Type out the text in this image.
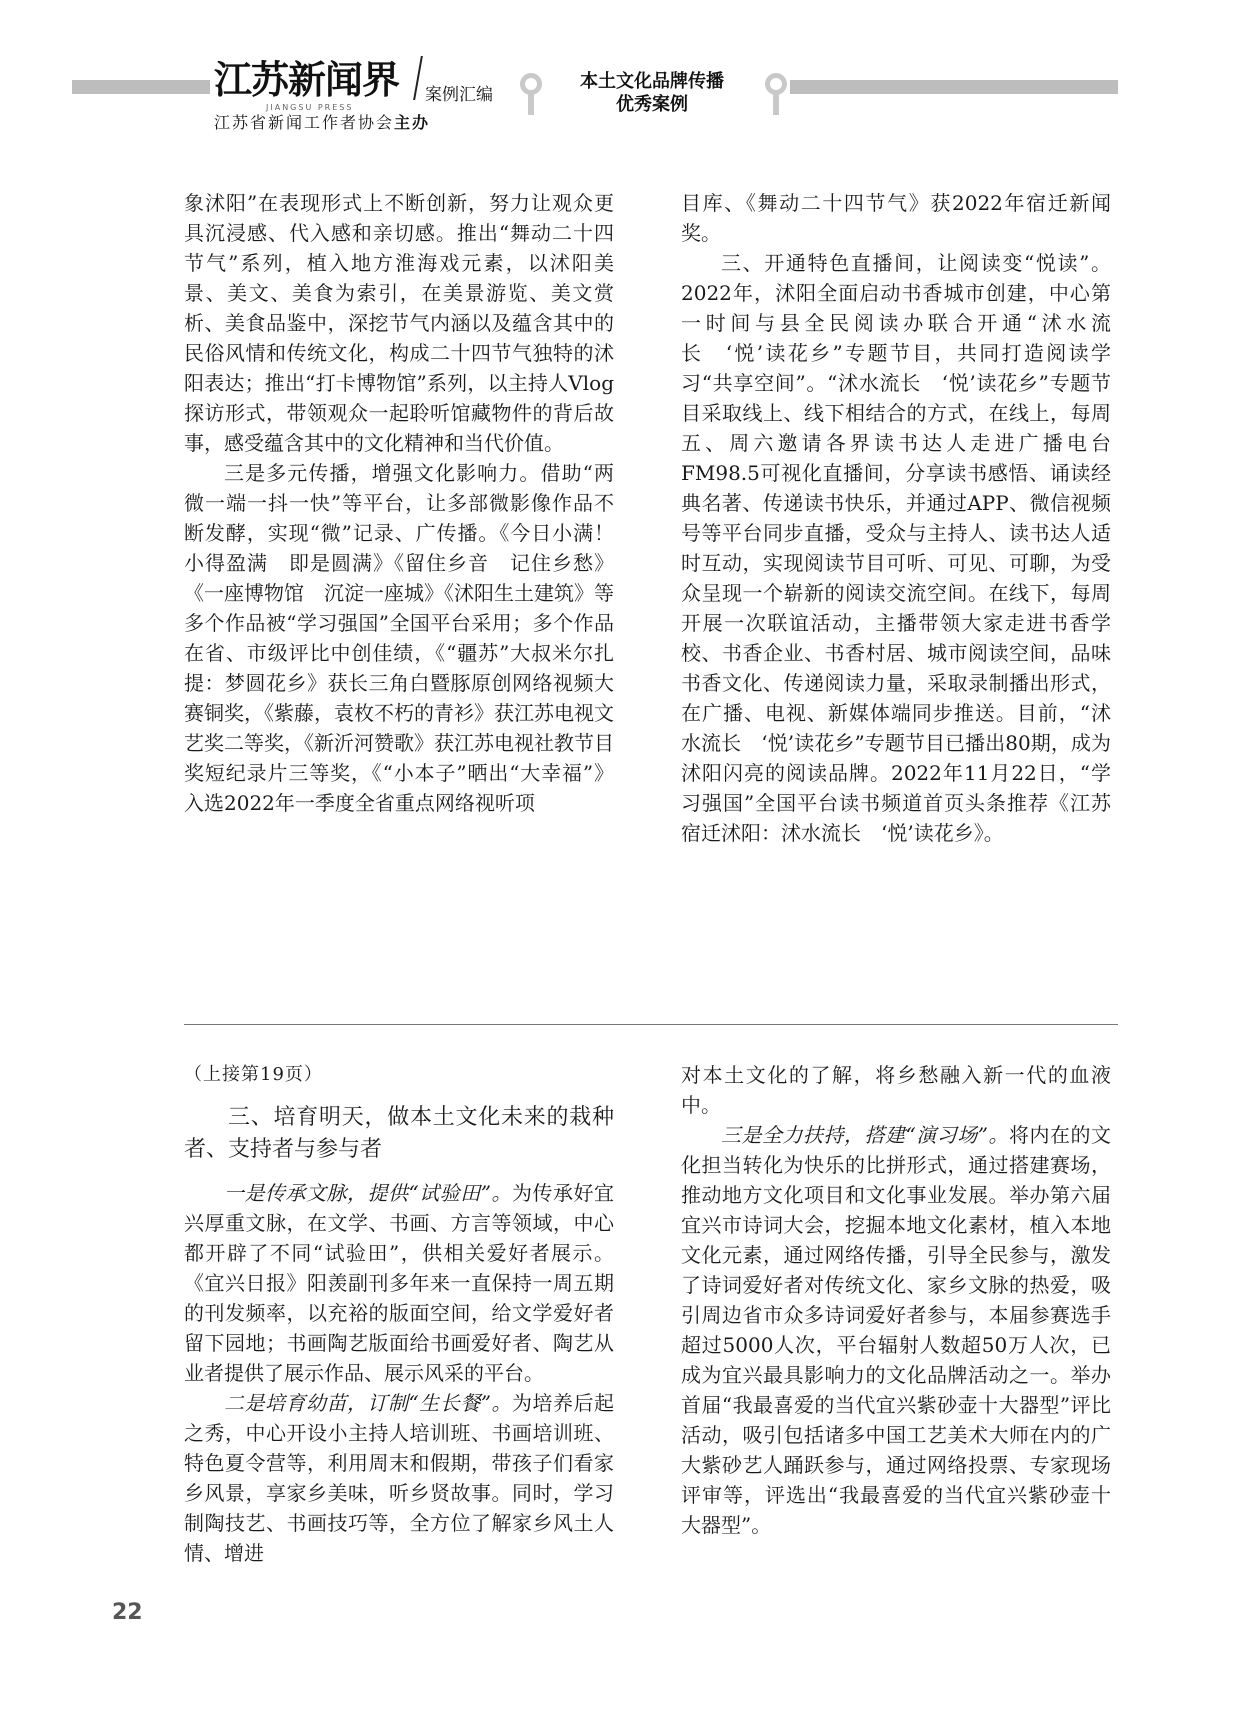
江苏新闻界
JIANGSU PRESS
江苏省新闻工作者协会主办
案例汇编
本土文化品牌传播
优秀案例

象沭阳”在表现形式上不断创新，努力让观众更具沉浸感、代入感和亲切感。推出“舞动二十四节气”系列，植入地方淮海戏元素，以沭阳美景、美文、美食为索引，在美景游览、美文赏析、美食品鉴中，深挖节气内涵以及蕴含其中的民俗风情和传统文化，构成二十四节气独特的沭阳表达；推出“打卡博物馆”系列，以主持人Vlog探访形式，带领观众一起聆听馆藏物件的背后故事，感受蕴含其中的文化精神和当代价值。

三是多元传播，增强文化影响力。借助“两微一端一抖一快”等平台，让多部微影像作品不断发酵，实现“微”记录、广传播。《今日小满！小得盈满　即是圆满》《留住乡音　记住乡愁》《一座博物馆　沉淀一座城》《沭阳生土建筑》等多个作品被“学习强国”全国平台采用；多个作品在省、市级评比中创佳绩，《“疆苏”大叔米尔扎提：梦圆花乡》获长三角白暨豚原创网络视频大赛铜奖，《紫藤，袁枚不朽的青衫》获江苏电视文艺奖二等奖，《新沂河赞歌》获江苏电视社教节目奖短纪录片三等奖，《“小本子”晒出“大幸福”》入选2022年一季度全省重点网络视听项

目库、《舞动二十四节气》获2022年宿迁新闻奖。

三、开通特色直播间，让阅读变“悦读”。2022年，沭阳全面启动书香城市创建，中心第一时间与县全民阅读办联合开通“沭水流长　‘悦’读花乡”专题节目，共同打造阅读学习“共享空间”。“沭水流长　‘悦’读花乡”专题节目采取线上、线下相结合的方式，在线上，每周五、周六邀请各界读书达人走进广播电台FM98.5可视化直播间，分享读书感悟、诵读经典名著、传递读书快乐，并通过APP、微信视频号等平台同步直播，受众与主持人、读书达人适时互动，实现阅读节目可听、可见、可聊，为受众呈现一个崭新的阅读交流空间。在线下，每周开展一次联谊活动，主播带领大家走进书香学校、书香企业、书香村居、城市阅读空间，品味书香文化、传递阅读力量，采取录制播出形式，在广播、电视、新媒体端同步推送。目前，“沭水流长　‘悦’读花乡”专题节目已播出80期，成为沭阳闪亮的阅读品牌。2022年11月22日，“学习强国”全国平台读书频道首页头条推荐《江苏宿迁沭阳：沭水流长　‘悦’读花乡》。

（上接第19页）

三、培育明天，做本土文化未来的栽种者、支持者与参与者

一是传承文脉，提供“试验田”。为传承好宜兴厚重文脉，在文学、书画、方言等领域，中心都开辟了不同“试验田”，供相关爱好者展示。《宜兴日报》阳羡副刊多年来一直保持一周五期的刊发频率，以充裕的版面空间，给文学爱好者留下园地；书画陶艺版面给书画爱好者、陶艺从业者提供了展示作品、展示风采的平台。

二是培育幼苗，订制“生长餐”。为培养后起之秀，中心开设小主持人培训班、书画培训班、特色夏令营等，利用周末和假期，带孩子们看家乡风景，享家乡美味，听乡贤故事。同时，学习制陶技艺、书画技巧等，全方位了解家乡风土人情、增进

对本土文化的了解，将乡愁融入新一代的血液中。

三是全力扶持，搭建“演习场”。将内在的文化担当转化为快乐的比拼形式，通过搭建赛场，推动地方文化项目和文化事业发展。举办第六届宜兴市诗词大会，挖掘本地文化素材，植入本地文化元素，通过网络传播，引导全民参与，激发了诗词爱好者对传统文化、家乡文脉的热爱，吸引周边省市众多诗词爱好者参与，本届参赛选手超过5000人次，平台辐射人数超50万人次，已成为宜兴最具影响力的文化品牌活动之一。举办首届“我最喜爱的当代宜兴紫砂壶十大器型”评比活动，吸引包括诸多中国工艺美术大师在内的广大紫砂艺人踊跃参与，通过网络投票、专家现场评审等，评选出“我最喜爱的当代宜兴紫砂壶十大器型”。

22
